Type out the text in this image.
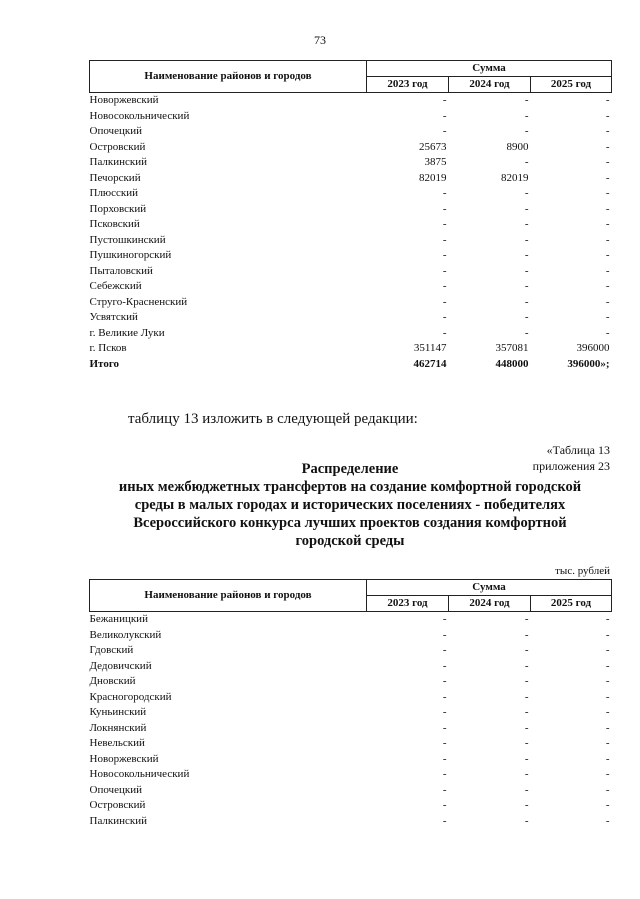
73
Наименование районов и городов	Сумма		
	2023 год	2024 год	2025 год
Новоржевский	-	-	-
Новосокольнический	-	-	-
Опочецкий	-	-	-
Островский	25673	8900	-
Палкинский	3875	-	-
Печорский	82019	82019	-
Плюсский	-	-	-
Порховский	-	-	-
Псковский	-	-	-
Пустошкинский	-	-	-
Пушкиногорский	-	-	-
Пыталовский	-	-	-
Себежский	-	-	-
Струго-Красненский	-	-	-
Усвятский	-	-	-
г. Великие Луки	-	-	-
г. Псков	351147	357081	396000
Итого	462714	448000	396000»;
таблицу 13 изложить в следующей редакции:
«Таблица 13
приложения 23
Распределение
иных межбюджетных трансфертов на создание комфортной городской
среды в малых городах и исторических поселениях - победителях
Всероссийского конкурса лучших проектов создания комфортной
городской среды
тыс. рублей
Наименование районов и городов	Сумма		
	2023 год	2024 год	2025 год
Бежаницкий	-	-	-
Великолукский	-	-	-
Гдовский	-	-	-
Дедовичский	-	-	-
Дновский	-	-	-
Красногородский	-	-	-
Куньинский	-	-	-
Локнянский	-	-	-
Невельский	-	-	-
Новоржевский	-	-	-
Новосокольнический	-	-	-
Опочецкий	-	-	-
Островский	-	-	-
Палкинский	-	-	-
